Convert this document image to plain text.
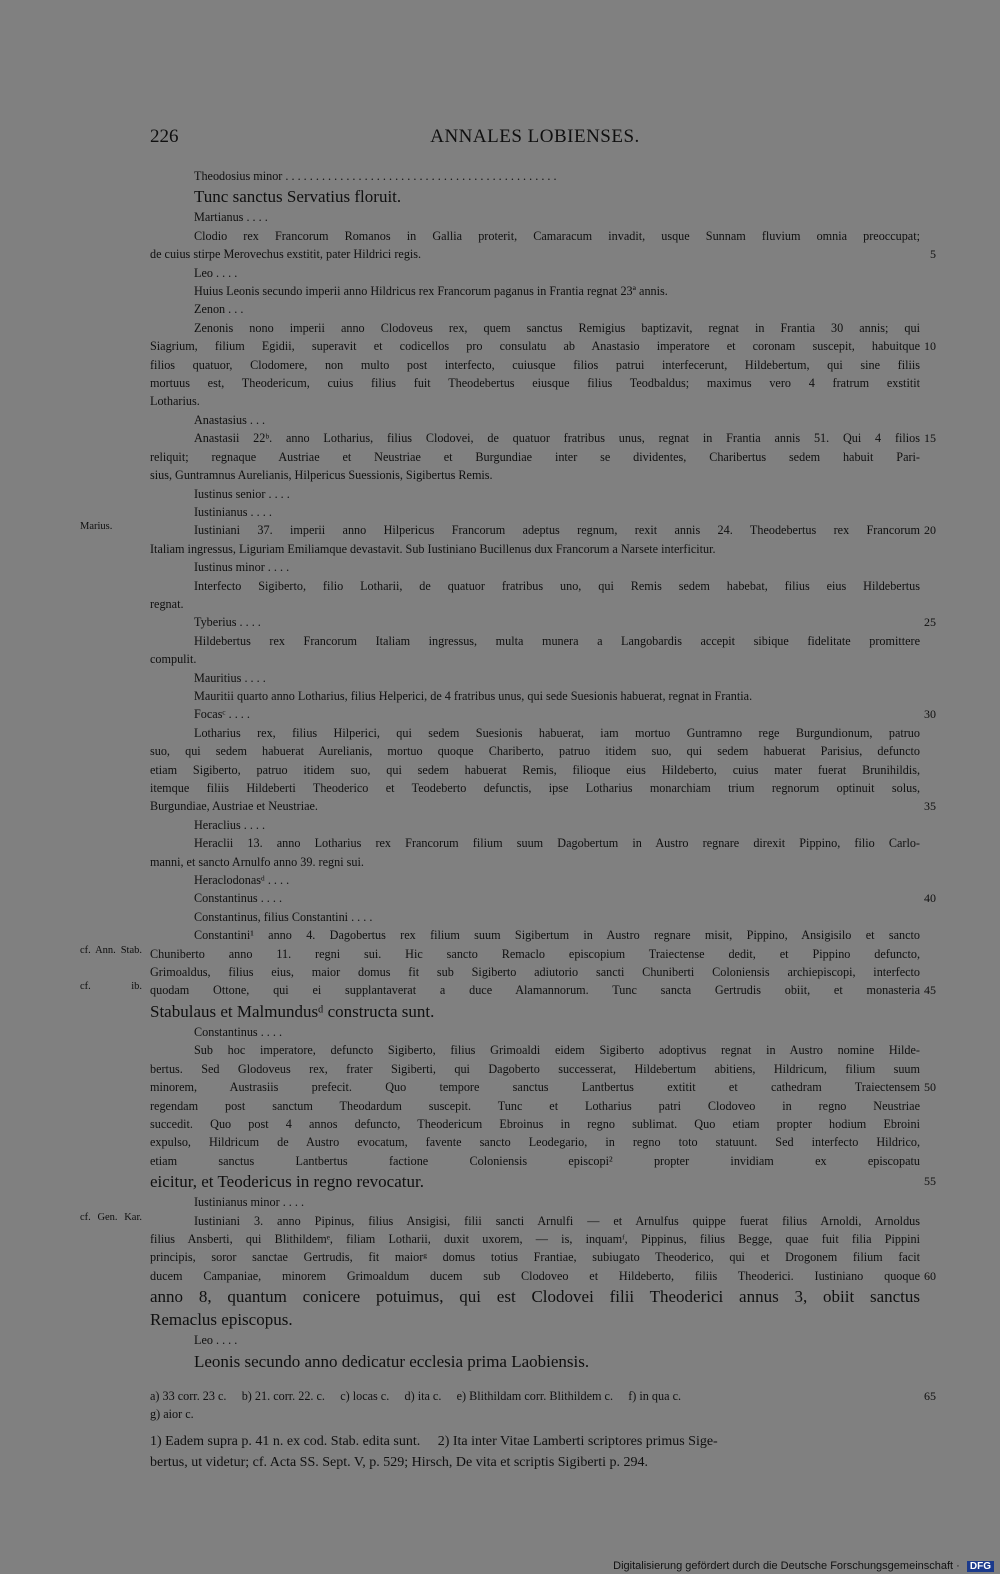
226	ANNALES LOBIENSES.
Theodosius minor . . . . . . . . . . . . . . . . . . . . . . . . . . . . . . . . . . . . . . . . . . . . .
Tunc sanctus Servatius floruit.
Martianus . . . .
Clodio rex Francorum Romanos in Gallia proterit, Camaracum invadit, usque Sunnam fluvium omnia preoccupat;
de cuius stirpe Merovechus exstitit, pater Hildrici regis.	5
Leo . . . .
Huius Leonis secundo imperii anno Hildricus rex Francorum paganus in Frantia regnat 23ª annis.
Zenon . . .
Zenonis nono imperii anno Clodoveus rex, quem sanctus Remigius baptizavit, regnat in Frantia 30 annis; qui
Siagrium, filium Egidii, superavit et codicellos pro consulatu ab Anastasio imperatore et coronam suscepit, habuitque 10
filios quatuor, Clodomere, non multo post interfecto, cuiusque filios patrui interfecerunt, Hildebertum, qui sine filiis
mortuus est, Theodericum, cuius filius fuit Theodebertus eiusque filius Teodbaldus; maximus vero 4 fratrum exstitit
Lotharius.
Anastasius . . .
Anastasii 22ᵇ. anno Lotharius, filius Clodovei, de quatuor fratribus unus, regnat in Frantia annis 51. Qui 4 filios 15
reliquit; regnaque Austriae et Neustriae et Burgundiae inter se dividentes, Charibertus sedem habuit Pari-
sius, Guntramnus Aurelianis, Hilpericus Suessionis, Sigibertus Remis.
Iustinus senior . . . .
Iustinianus . . . .
Iustiniani 37. imperii anno Hilpericus Francorum adeptus regnum, rexit annis 24. Theodebertus rex Francorum 20
Marius.
Italiam ingressus, Liguriam Emiliamque devastavit. Sub Iustiniano Bucillenus dux Francorum a Narsete interficitur.
Iustinus minor . . . .
Interfecto Sigiberto, filio Lotharii, de quatuor fratribus uno, qui Remis sedem habebat, filius eius Hildebertus
regnat.
Tyberius . . . .	25
Hildebertus rex Francorum Italiam ingressus, multa munera a Langobardis accepit sibique fidelitate promittere
compulit.
Mauritius . . . .
Mauritii quarto anno Lotharius, filius Helperici, de 4 fratribus unus, qui sede Suesionis habuerat, regnat in Frantia.
Focasᶜ . . . .	30
Lotharius rex, filius Hilperici, qui sedem Suesionis habuerat, iam mortuo Guntramno rege Burgundionum, patruo
suo, qui sedem habuerat Aurelianis, mortuo quoque Chariberto, patruo itidem suo, qui sedem habuerat Parisius, defuncto
etiam Sigiberto, patruo itidem suo, qui sedem habuerat Remis, filioque eius Hildeberto, cuius mater fuerat Brunihildis,
itemque filiis Hildeberti Theoderico et Teodeberto defunctis, ipse Lotharius monarchiam trium regnorum optinuit solus,
Burgundiae, Austriae et Neustriae.	35
Heraclius . . . .
Heraclii 13. anno Lotharius rex Francorum filium suum Dagobertum in Austro regnare direxit Pippino, filio Carlo-
manni, et sancto Arnulfo anno 39. regni sui.
Heraclodonasᵈ . . . .
Constantinus . . . .	40
Constantinus, filius Constantini . . . .
Constantini¹ anno 4. Dagobertus rex filium suum Sigibertum in Austro regnare misit, Pippino, Ansigisilo et sancto
Chuniberto anno 11. regni sui. Hic sancto Remaclo episcopium Traiectense dedit, et Pippino defuncto,
cf. Ann. Stab.
Grimoaldus, filius eius, maior domus fit sub Sigiberto adiutorio sancti Chuniberti Coloniensis archiepiscopi, interfecto
quodam Ottone, qui ei supplantaverat a duce Alamannorum. Tunc sancta Gertrudis obiit, et monasteria 45
cf. ib.
Stabulaus et Malmundusᵈ constructa sunt.
Constantinus . . . .
Sub hoc imperatore, defuncto Sigiberto, filius Grimoaldi eidem Sigiberto adoptivus regnat in Austro nomine Hilde-
bertus. Sed Glodoveus rex, frater Sigiberti, qui Dagoberto successerat, Hildebertum abitiens, Hildricum, filium suum
minorem, Austrasiis prefecit. Quo tempore sanctus Lantbertus extitit et cathedram Traiectensem 50
regendam post sanctum Theodardum suscepit. Tunc et Lotharius patri Clodoveo in regno Neustriae
succedit. Quo post 4 annos defuncto, Theodericum Ebroinus in regno sublimat. Quo etiam propter hodium Ebroini
expulso, Hildricum de Austro evocatum, favente sancto Leodegario, in regno toto statuunt. Sed interfecto Hildrico,
etiam sanctus Lantbertus factione Coloniensis episcopi² propter invidiam ex episcopatu
eicitur, et Teodericus in regno revocatur.	55
Iustinianus minor . . . .
Iustiniani 3. anno Pipinus, filius Ansigisi, filii sancti Arnulfi — et Arnulfus quippe fuerat filius Arnoldi, Arnoldus
cf. Gen. Kar.
filius Ansberti, qui Blithildemᵉ, filiam Lotharii, duxit uxorem, — is, inquamᶠ, Pippinus, filius Begge, quae fuit filia Pippini
principis, soror sanctae Gertrudis, fit maiorᵍ domus totius Frantiae, subiugato Theoderico, qui et Drogonem filium facit
ducem Campaniae, minorem Grimoaldum ducem sub Clodoveo et Hildeberto, filiis Theoderici. Iustiniano quoque 60
anno 8, quantum conicere potuimus, qui est Clodovei filii Theoderici annus 3, obiit sanctus
Remaclus episcopus.
Leo . . . .
Leonis secundo anno dedicatur ecclesia prima Laobiensis.
a) 33 corr. 23 c.     b) 21. corr. 22. c.     c) locas c.     d) ita c.     e) Blithildam corr. Blithildem c.     f) in qua c.	65
g) aior c.
1) Eadem supra p. 41 n. ex cod. Stab. edita sunt.     2) Ita inter Vitae Lamberti scriptores primus Sige-
bertus, ut videtur; cf. Acta SS. Sept. V, p. 529; Hirsch, De vita et scriptis Sigiberti p. 294.
Digitalisierung gefördert durch die Deutsche Forschungsgemeinschaft · DFG
